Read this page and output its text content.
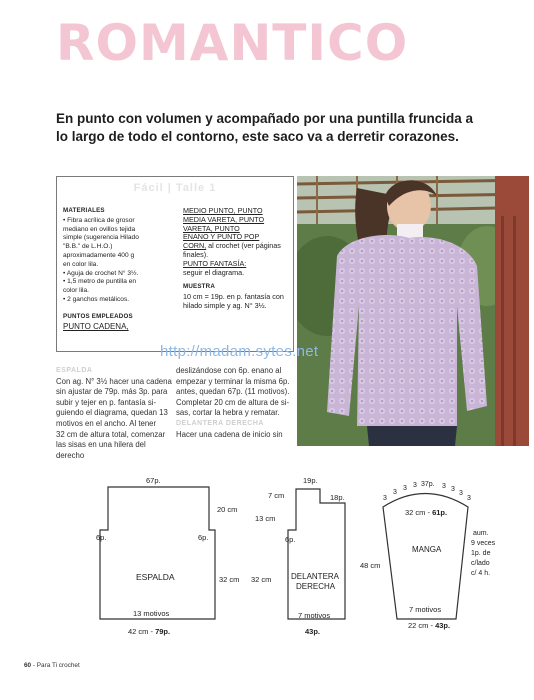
ROMANTICO
En punto con volumen y acompañado por una puntilla fruncida a lo largo de todo el contorno, este saco va a derretir corazones.
Fácil | Talle 1
MATERIALES
• Fibra acrílica de grosor
mediano en ovillos tejida
simple (sugerencia Hilado
"B.B." de L.H.O.)
aproximadamente 400 g
en color lila.
• Aguja de crochet N° 3½.
• 1,5 metro de puntilla en
color lila.
• 2 ganchos metálicos.
PUNTOS EMPLEADOS
PUNTO CADENA,
MEDIO PUNTO, PUNTO
MEDIA VARETA, PUNTO
VARETA, PUNTO
ENANO Y PUNTO POP
CORN, al crochet (ver páginas finales).
PUNTO FANTASÍA:
seguir el diagrama.
MUESTRA
10 cm = 19p. en p. fantasía con hilado simple y ag. N° 3½.
http://madam.sytes.net
ESPALDA
Con ag. N° 3½ hacer una cadena
sin ajustar de 79p. más 3p. para
subir y tejer en p. fantasía si-
guiendo el diagrama, quedan 13
motivos en el ancho. Al tener
32 cm de altura total, comenzar
las sisas en una hilera del derecho
deslizándose con 6p. enano al
empezar y terminar la misma 6p.
antes, quedan 67p. (11 motivos).
Completar 20 cm de altura de si-
sas, cortar la hebra y rematar.
DELANTERA DERECHA
Hacer una cadena de inicio sin
67p.
6p.	6p.
20 cm
32 cm
ESPALDA
13 motivos
42 cm - 79p.
19p.
7 cm	18p.
13 cm
6p.
32 cm DELANTERA
DERECHA
7 motivos
43p.
3
3
3 3 37p. 3 3
3
3
32 cm - 61p.
MANGA
48 cm
aum.
9 veces
1p. de
c/lado
c/ 4 h.
7 motivos
22 cm - 43p.
60 - Para Ti crochet
